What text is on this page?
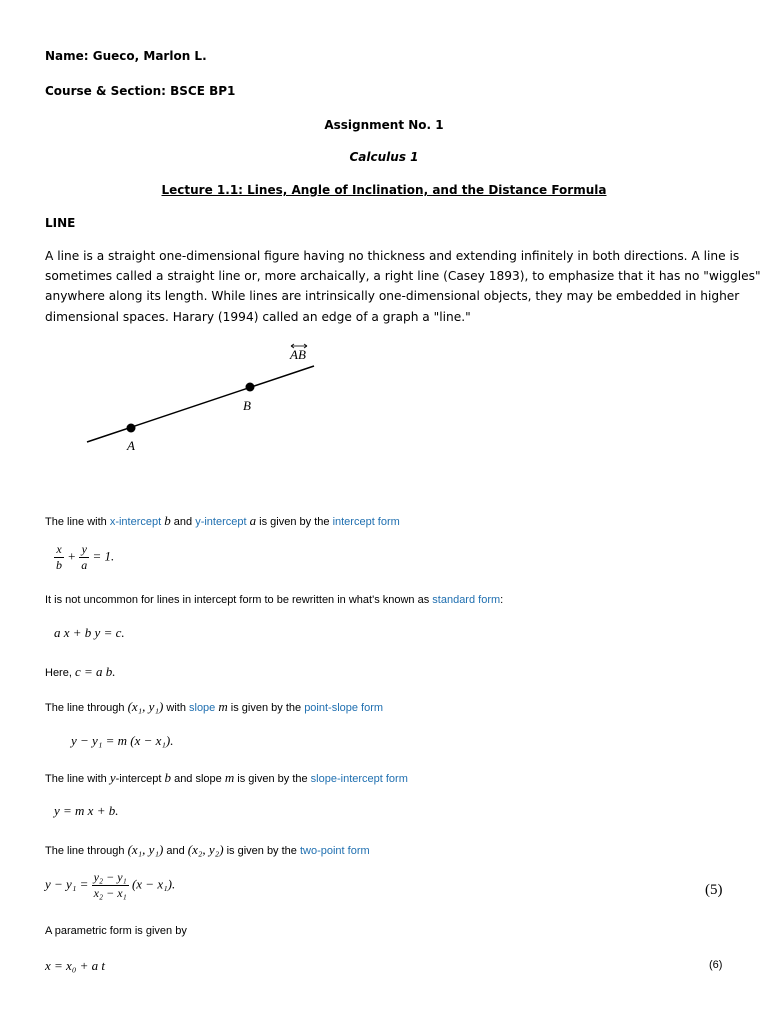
Name: Gueco, Marlon L.
Course & Section: BSCE BP1
Assignment No. 1
Calculus 1
Lecture 1.1: Lines, Angle of Inclination, and the Distance Formula
LINE
A line is a straight one-dimensional figure having no thickness and extending infinitely in both directions. A line is
sometimes called a straight line or, more archaically, a right line (Casey 1893), to emphasize that it has no "wiggles"
anywhere along its length. While lines are intrinsically one-dimensional objects, they may be embedded in higher
dimensional spaces. Harary (1994) called an edge of a graph a "line."
AB
A
B
The line with x-intercept b and y-intercept a is given by the intercept form
$\frac{x}{b} + \frac{y}{a} = 1$.
It is not uncommon for lines in intercept form to be rewritten in what's known as standard form:
a x + b y = c.
Here, c = a b.
The line through (x₁, y₁) with slope m is given by the point-slope form
y − y₁ = m (x − x₁).
The line with y-intercept b and slope m is given by the slope-intercept form
y = m x + b.
The line through (x₁, y₁) and (x₂, y₂) is given by the two-point form
$y - y_1 = \frac{\text{y₂ − y₁}}{\text{x₂ − x₁}} (x - x_1)$.	(5)
A parametric form is given by
x = x₀ + a t	(6)
